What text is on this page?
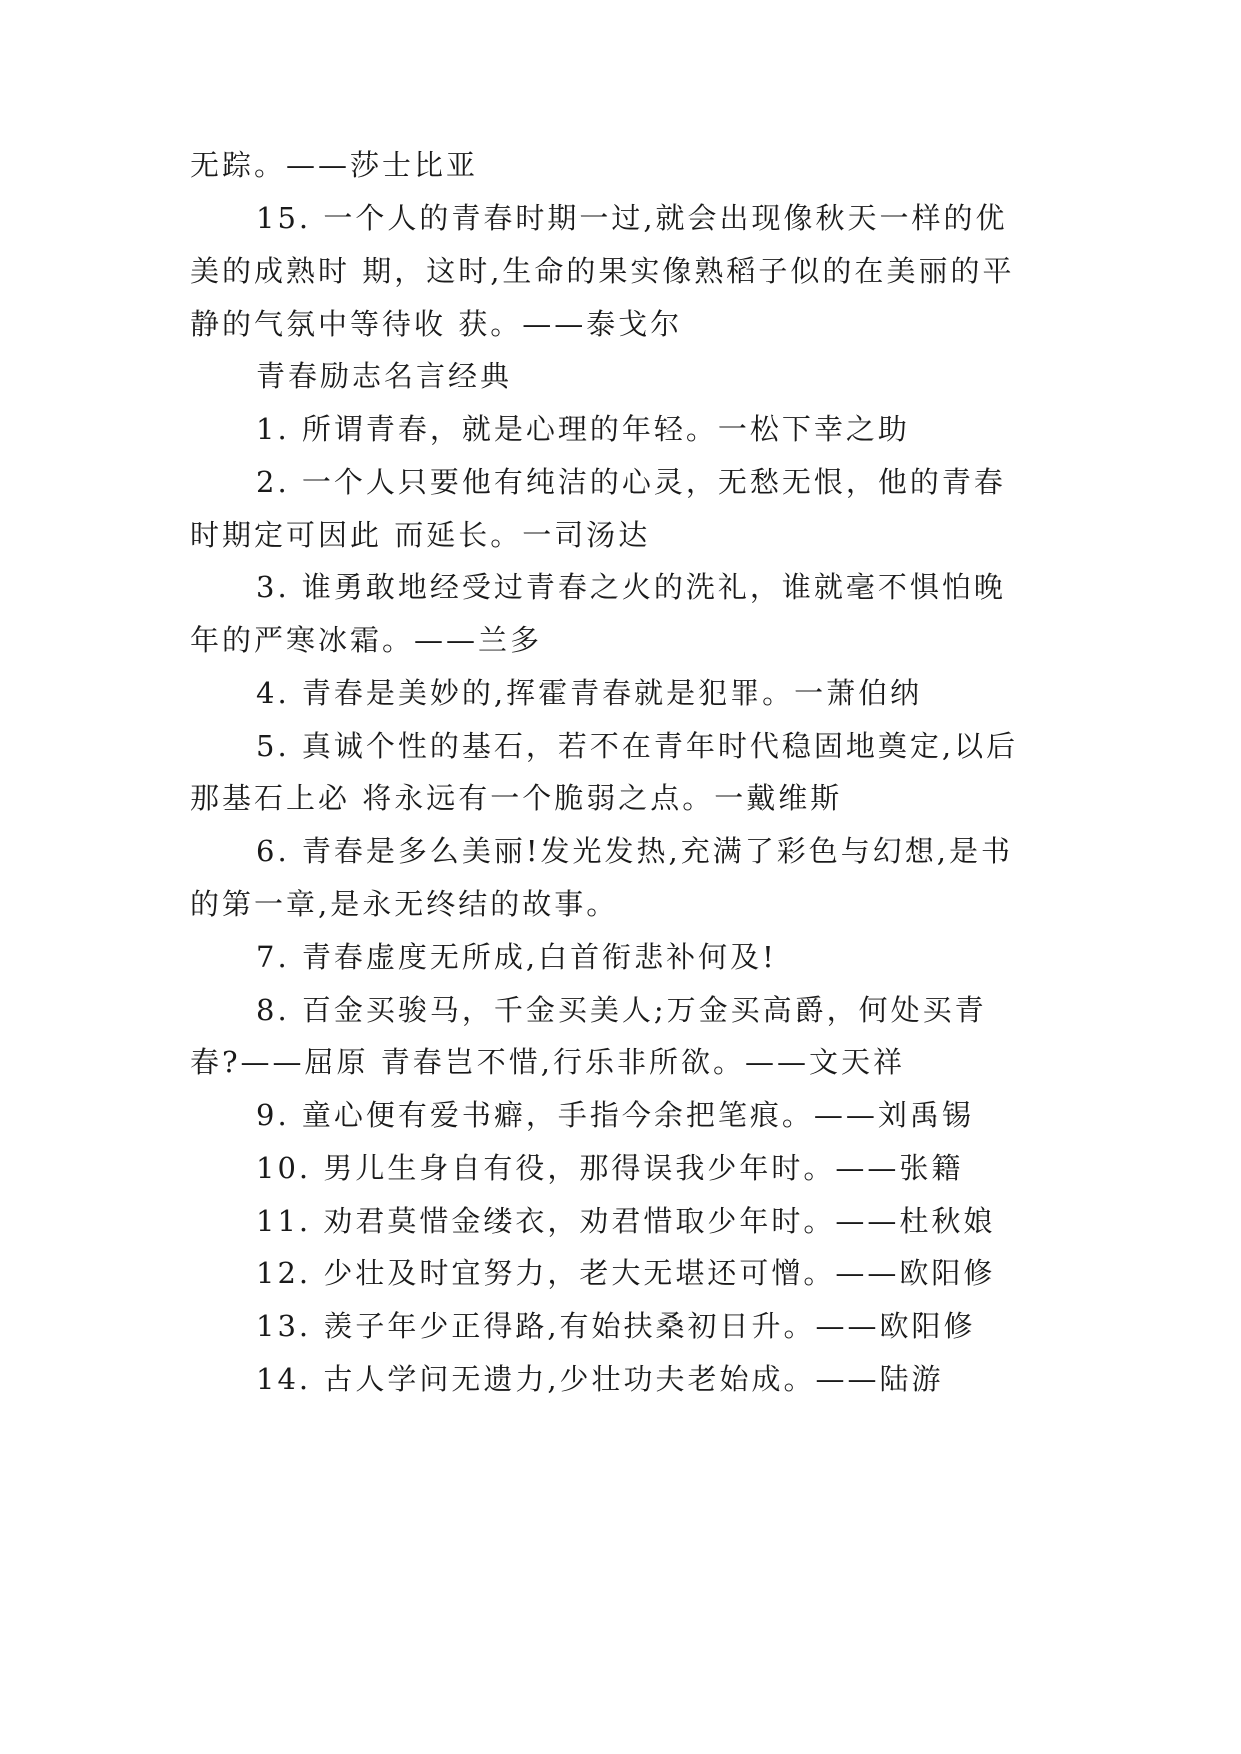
无踪。——莎士比亚
15. 一个人的青春时期一过,就会出现像秋天一样的优
美的成熟时 期，这时,生命的果实像熟稻子似的在美丽的平
静的气氛中等待收 获。——泰戈尔
青春励志名言经典
1. 所谓青春，就是心理的年轻。一松下幸之助
2. 一个人只要他有纯洁的心灵，无愁无恨，他的青春
时期定可因此 而延长。一司汤达
3. 谁勇敢地经受过青春之火的洗礼，谁就毫不惧怕晚
年的严寒冰霜。——兰多
4. 青春是美妙的,挥霍青春就是犯罪。一萧伯纳
5. 真诚个性的基石，若不在青年时代稳固地奠定,以后
那基石上必 将永远有一个脆弱之点。一戴维斯
6. 青春是多么美丽!发光发热,充满了彩色与幻想,是书
的第一章,是永无终结的故事。
7. 青春虚度无所成,白首衔悲补何及!
8. 百金买骏马，千金买美人;万金买高爵，何处买青
春?——屈原 青春岂不惜,行乐非所欲。——文天祥
9. 童心便有爱书癖，手指今余把笔痕。——刘禹锡
10. 男儿生身自有役，那得误我少年时。——张籍
11. 劝君莫惜金缕衣，劝君惜取少年时。——杜秋娘
12. 少壮及时宜努力，老大无堪还可憎。——欧阳修
13. 羡子年少正得路,有始扶桑初日升。——欧阳修
14. 古人学问无遗力,少壮功夫老始成。——陆游
